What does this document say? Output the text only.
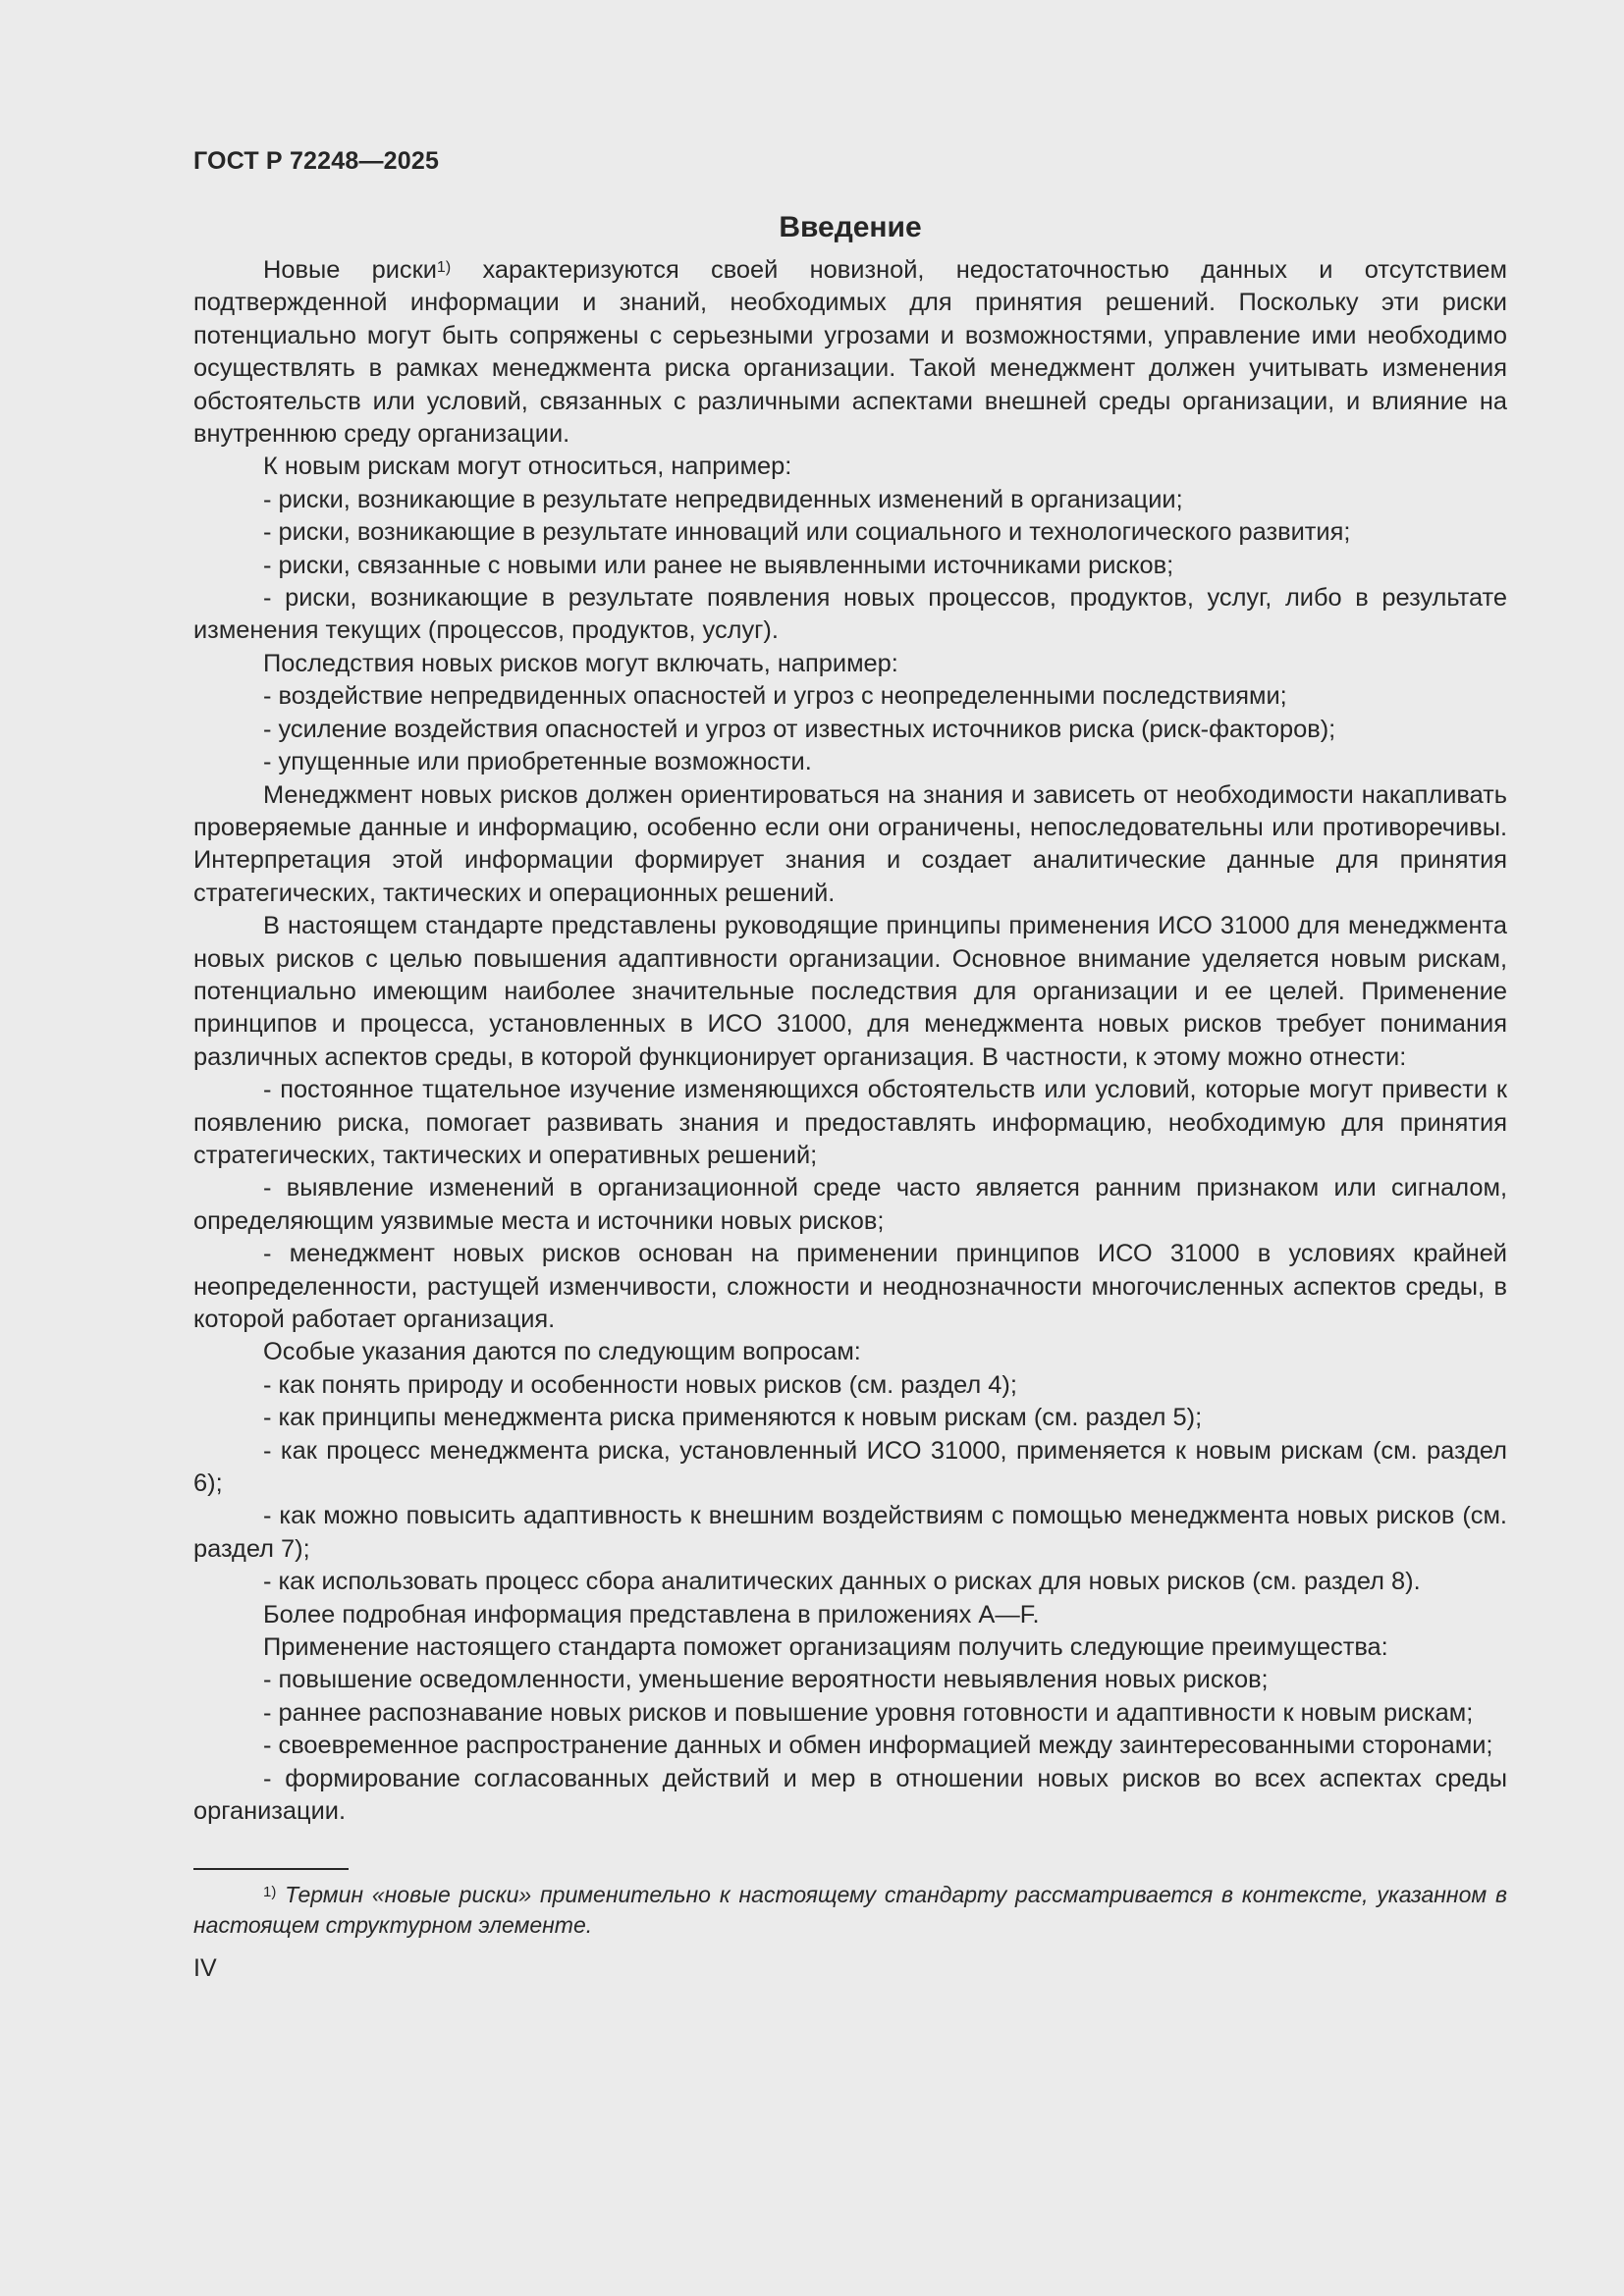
ГОСТ Р 72248—2025
Введение

Новые риски$^{1)}$ характеризуются своей новизной, недостаточностью данных и отсутствием подтвержденной информации и знаний, необходимых для принятия решений. Поскольку эти риски потенциально могут быть сопряжены с серьезными угрозами и возможностями, управление ими необходимо осуществлять в рамках менеджмента риска организации. Такой менеджмент должен учитывать изменения обстоятельств или условий, связанных с различными аспектами внешней среды организации, и влияние на внутреннюю среду организации.

К новым рискам могут относиться, например:

- риски, возникающие в результате непредвиденных изменений в организации;

- риски, возникающие в результате инноваций или социального и технологического развития;

- риски, связанные с новыми или ранее не выявленными источниками рисков;

- риски, возникающие в результате появления новых процессов, продуктов, услуг, либо в результате изменения текущих (процессов, продуктов, услуг).

Последствия новых рисков могут включать, например:

- воздействие непредвиденных опасностей и угроз с неопределенными последствиями;

- усиление воздействия опасностей и угроз от известных источников риска (риск-факторов);

- упущенные или приобретенные возможности.

Менеджмент новых рисков должен ориентироваться на знания и зависеть от необходимости накапливать проверяемые данные и информацию, особенно если они ограничены, непоследовательны или противоречивы. Интерпретация этой информации формирует знания и создает аналитические данные для принятия стратегических, тактических и операционных решений.

В настоящем стандарте представлены руководящие принципы применения ИСО 31000 для менеджмента новых рисков с целью повышения адаптивности организации. Основное внимание уделяется новым рискам, потенциально имеющим наиболее значительные последствия для организации и ее целей. Применение принципов и процесса, установленных в ИСО 31000, для менеджмента новых рисков требует понимания различных аспектов среды, в которой функционирует организация. В частности, к этому можно отнести:

- постоянное тщательное изучение изменяющихся обстоятельств или условий, которые могут привести к появлению риска, помогает развивать знания и предоставлять информацию, необходимую для принятия стратегических, тактических и оперативных решений;

- выявление изменений в организационной среде часто является ранним признаком или сигналом, определяющим уязвимые места и источники новых рисков;

- менеджмент новых рисков основан на применении принципов ИСО 31000 в условиях крайней неопределенности, растущей изменчивости, сложности и неоднозначности многочисленных аспектов среды, в которой работает организация.

Особые указания даются по следующим вопросам:

- как понять природу и особенности новых рисков (см. раздел 4);

- как принципы менеджмента риска применяются к новым рискам (см. раздел 5);

- как процесс менеджмента риска, установленный ИСО 31000, применяется к новым рискам (см. раздел 6);

- как можно повысить адаптивность к внешним воздействиям с помощью менеджмента новых рисков (см. раздел 7);

- как использовать процесс сбора аналитических данных о рисках для новых рисков (см. раздел 8).

Более подробная информация представлена в приложениях А—F.

Применение настоящего стандарта поможет организациям получить следующие преимущества:

- повышение осведомленности, уменьшение вероятности невыявления новых рисков;

- раннее распознавание новых рисков и повышение уровня готовности и адаптивности к новым рискам;

- своевременное распространение данных и обмен информацией между заинтересованными сторонами;

- формирование согласованных действий и мер в отношении новых рисков во всех аспектах среды организации.

$^{1)}$ Термин «новые риски» применительно к настоящему стандарту рассматривается в контексте, указанном в настоящем структурном элементе.
IV
